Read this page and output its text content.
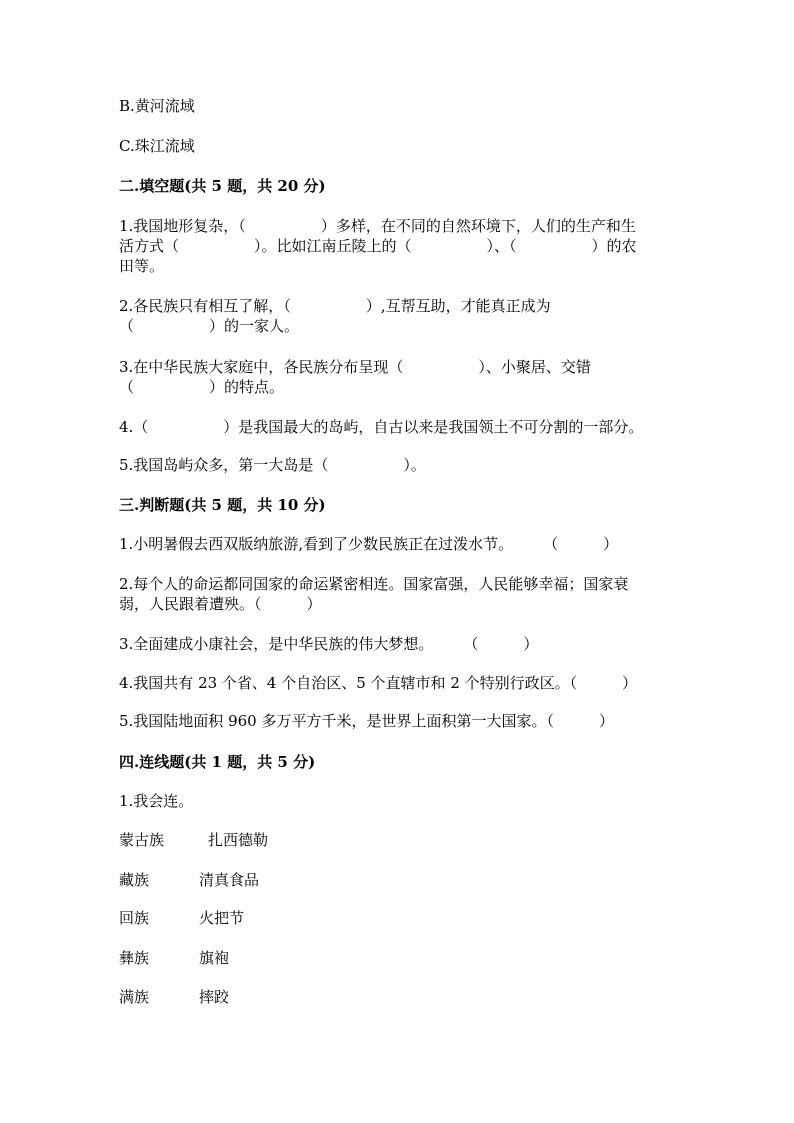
B.黄河流域
C.珠江流域
二.填空题(共 5 题，共 20 分)
1.我国地形复杂，（　　　　　）多样，在不同的自然环境下，人们的生产和生
活方式（　　　　　）。比如江南丘陵上的（　　　　　）、（　　　　　）的农
田等。
2.各民族只有相互了解，（　　　　　）,互帮互助，才能真正成为
（　　　　　）的一家人。
3.在中华民族大家庭中，各民族分布呈现（　　　　　）、小聚居、交错
（　　　　　）的特点。
4.（　　　　　）是我国最大的岛屿，自古以来是我国领土不可分割的一部分。
5.我国岛屿众多，第一大岛是（　　　　　）。
三.判断题(共 5 题，共 10 分)
1.小明暑假去西双版纳旅游,看到了少数民族正在过泼水节。　　　（　　　）
2.每个人的命运都同国家的命运紧密相连。国家富强，人民能够幸福；国家衰
弱，人民跟着遭殃。（　　　）
3.全面建成小康社会，是中华民族的伟大梦想。　　　（　　　）
4.我国共有 23 个省、4 个自治区、5 个直辖市和 2 个特别行政区。（　　　）
5.我国陆地面积 960 多万平方千米，是世界上面积第一大国家。（　　　）
四.连线题(共 1 题，共 5 分)
1.我会连。
蒙古族	扎西德勒
藏族	清真食品
回族	火把节
彝族	旗袍
满族	摔跤
